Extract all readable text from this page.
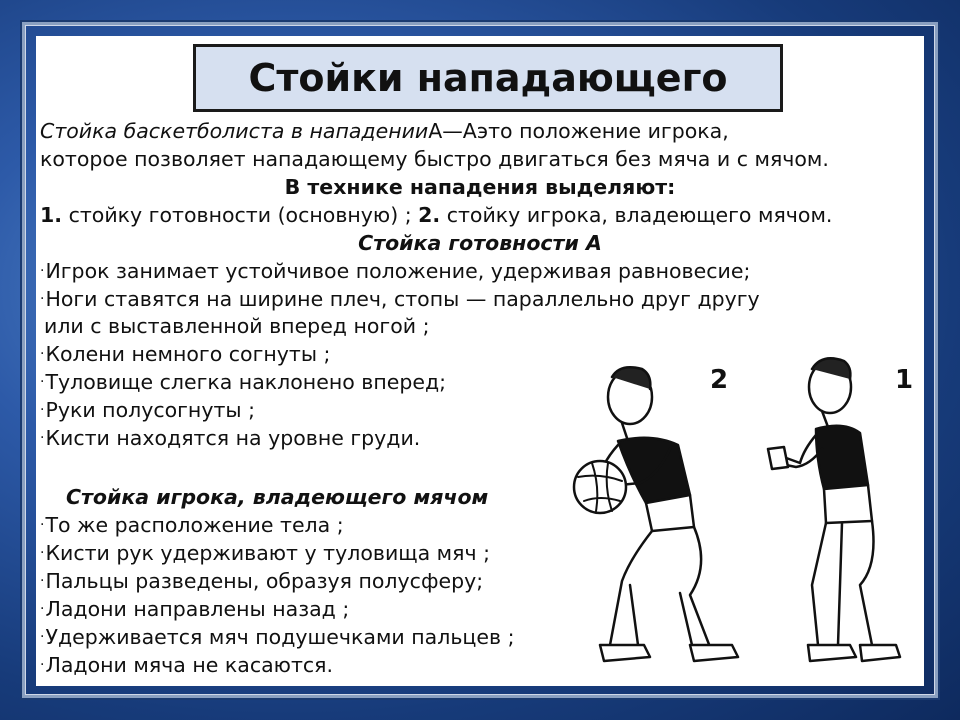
Стойки нападающего
Стойка баскетболиста в нападенииА—Аэто положение игрока,
которое позволяет нападающему быстро двигаться без мяча и с мячом.
В технике нападения выделяют:
1. стойку готовности (основную) ; 2. стойку игрока, владеющего мячом.
Стойка готовности А
·Игрок занимает устойчивое положение, удерживая равновесие;
·Ноги ставятся на ширине плеч, стопы — параллельно друг другу
или с выставленной вперед ногой ;
·Колени немного согнуты ;
·Туловище слегка наклонено вперед;
·Руки полусогнуты ;
·Кисти находятся на уровне груди.
Стойка игрока, владеющего мячом
·То же расположение тела ;
·Кисти рук удерживают у туловища мяч ;
·Пальцы разведены, образуя полусферу;
·Ладони направлены назад ;
·Удерживается мяч подушечками пальцев ;
·Ладони мяча не касаются.
2	1
